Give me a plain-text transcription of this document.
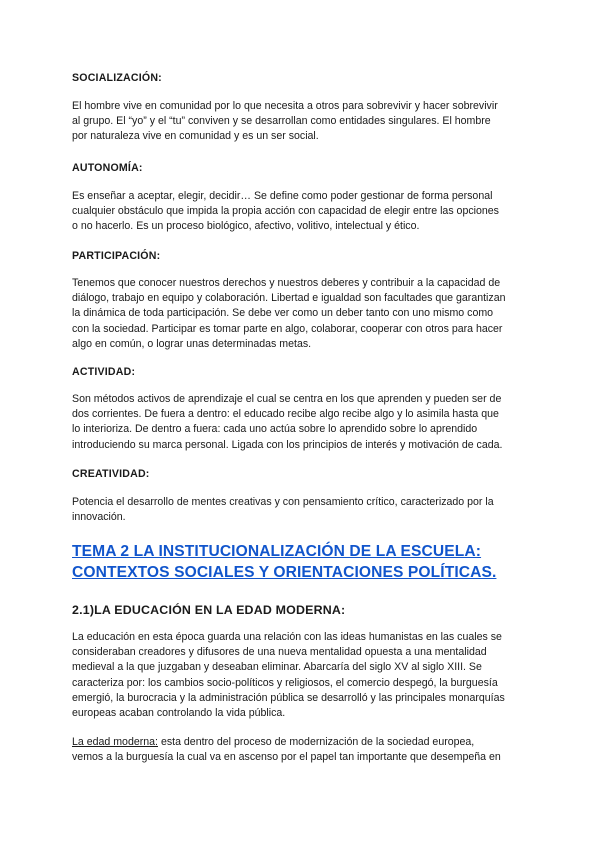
SOCIALIZACIÓN:
El hombre vive en comunidad por lo que necesita a otros para sobrevivir y hacer sobrevivir
al grupo. El “yo” y el “tu” conviven y se desarrollan como entidades singulares. El hombre
por naturaleza vive en comunidad y es un ser social.
AUTONOMÍA:
Es enseñar a aceptar, elegir, decidir… Se define como poder gestionar de forma personal
cualquier obstáculo que impida la propia acción con capacidad de elegir entre las opciones
o no hacerlo. Es un proceso biológico, afectivo, volitivo, intelectual y ético.
PARTICIPACIÓN:
Tenemos que conocer nuestros derechos y nuestros deberes y contribuir a la capacidad de
diálogo, trabajo en equipo y colaboración. Libertad e igualdad son facultades que garantizan
la dinámica de toda participación. Se debe ver como un deber tanto con uno mismo como
con la sociedad. Participar es tomar parte en algo, colaborar, cooperar con otros para hacer
algo en común, o lograr unas determinadas metas.
ACTIVIDAD:
Son métodos activos de aprendizaje el cual se centra en los que aprenden y pueden ser de
dos corrientes. De fuera a dentro: el educado recibe algo recibe algo y lo asimila hasta que
lo interioriza. De dentro a fuera: cada uno actúa sobre lo aprendido sobre lo aprendido
introduciendo su marca personal. Ligada con los principios de interés y motivación de cada.
CREATIVIDAD:
Potencia el desarrollo de mentes creativas y con pensamiento crítico, caracterizado por la
innovación.
TEMA 2 LA INSTITUCIONALIZACIÓN DE LA ESCUELA:
CONTEXTOS SOCIALES Y ORIENTACIONES POLÍTICAS.
2.1)LA EDUCACIÓN EN LA EDAD MODERNA:
La educación en esta época guarda una relación con las ideas humanistas en las cuales se
consideraban creadores y difusores de una nueva mentalidad opuesta a una mentalidad
medieval a la que juzgaban y deseaban eliminar. Abarcaría del siglo XV al siglo XIII. Se
caracteriza por: los cambios socio-políticos y religiosos, el comercio despegó, la burguesía
emergió, la burocracia y la administración pública se desarrolló y las principales monarquías
europeas acaban controlando la vida pública.
La edad moderna: esta dentro del proceso de modernización de la sociedad europea,
vemos a la burguesía la cual va en ascenso por el papel tan importante que desempeña en
